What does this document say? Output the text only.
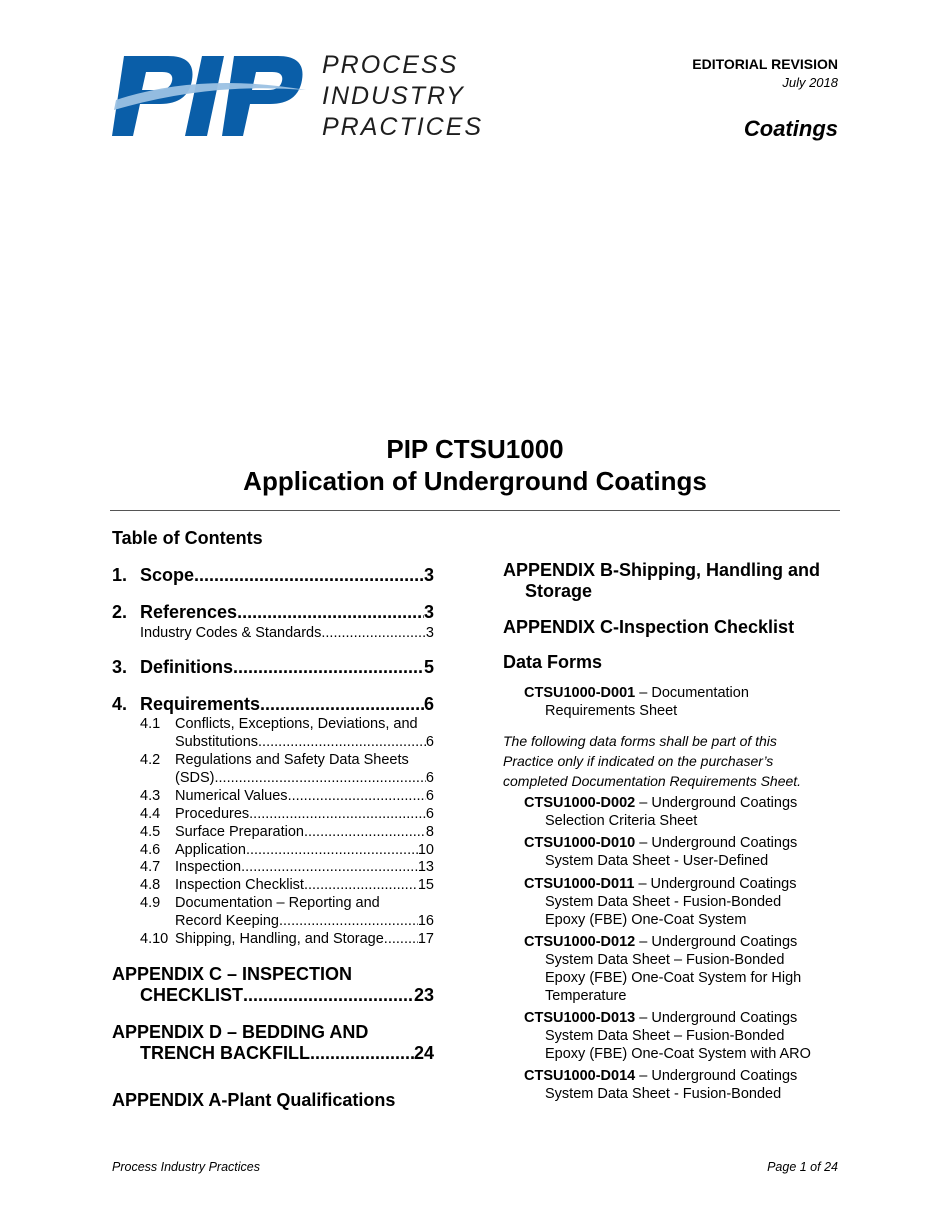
PIP
PROCESS
INDUSTRY
PRACTICES
EDITORIAL REVISION
July 2018
Coatings
PIP CTSU1000
Application of Underground Coatings
Table of Contents
1. Scope .....	3
2. References .....	3
Industry Codes & Standards .....	3
3. Definitions .....	5
4. Requirements .....	6
4.1	Conflicts, Exceptions, Deviations, and
Substitutions .....	6
4.2	Regulations and Safety Data Sheets
(SDS) .....	6
4.3	Numerical Values .....	6
4.4	Procedures .....	6
4.5	Surface Preparation .....	8
4.6	Application .....	10
4.7	Inspection .....	13
4.8	Inspection Checklist .....	15
4.9	Documentation – Reporting and
Record Keeping .....	16
4.10 Shipping, Handling, and Storage ..... 17
APPENDIX C – INSPECTION
CHECKLIST .....	23
APPENDIX D – BEDDING AND
TRENCH BACKFILL .....	24
APPENDIX A-Plant Qualifications
APPENDIX B-Shipping, Handling and
Storage
APPENDIX C-Inspection Checklist
Data Forms
CTSU1000-D001 – Documentation
Requirements Sheet
The following data forms shall be part of this
Practice only if indicated on the purchaser’s
completed Documentation Requirements Sheet.
CTSU1000-D002 – Underground Coatings
Selection Criteria Sheet
CTSU1000-D010 – Underground Coatings
System Data Sheet - User-Defined
CTSU1000-D011 – Underground Coatings
System Data Sheet - Fusion-Bonded
Epoxy (FBE) One-Coat System
CTSU1000-D012 – Underground Coatings
System Data Sheet – Fusion-Bonded
Epoxy (FBE) One-Coat System for High
Temperature
CTSU1000-D013 – Underground Coatings
System Data Sheet – Fusion-Bonded
Epoxy (FBE) One-Coat System with ARO
CTSU1000-D014 – Underground Coatings
System Data Sheet - Fusion-Bonded
Process Industry Practices	Page 1 of 24
